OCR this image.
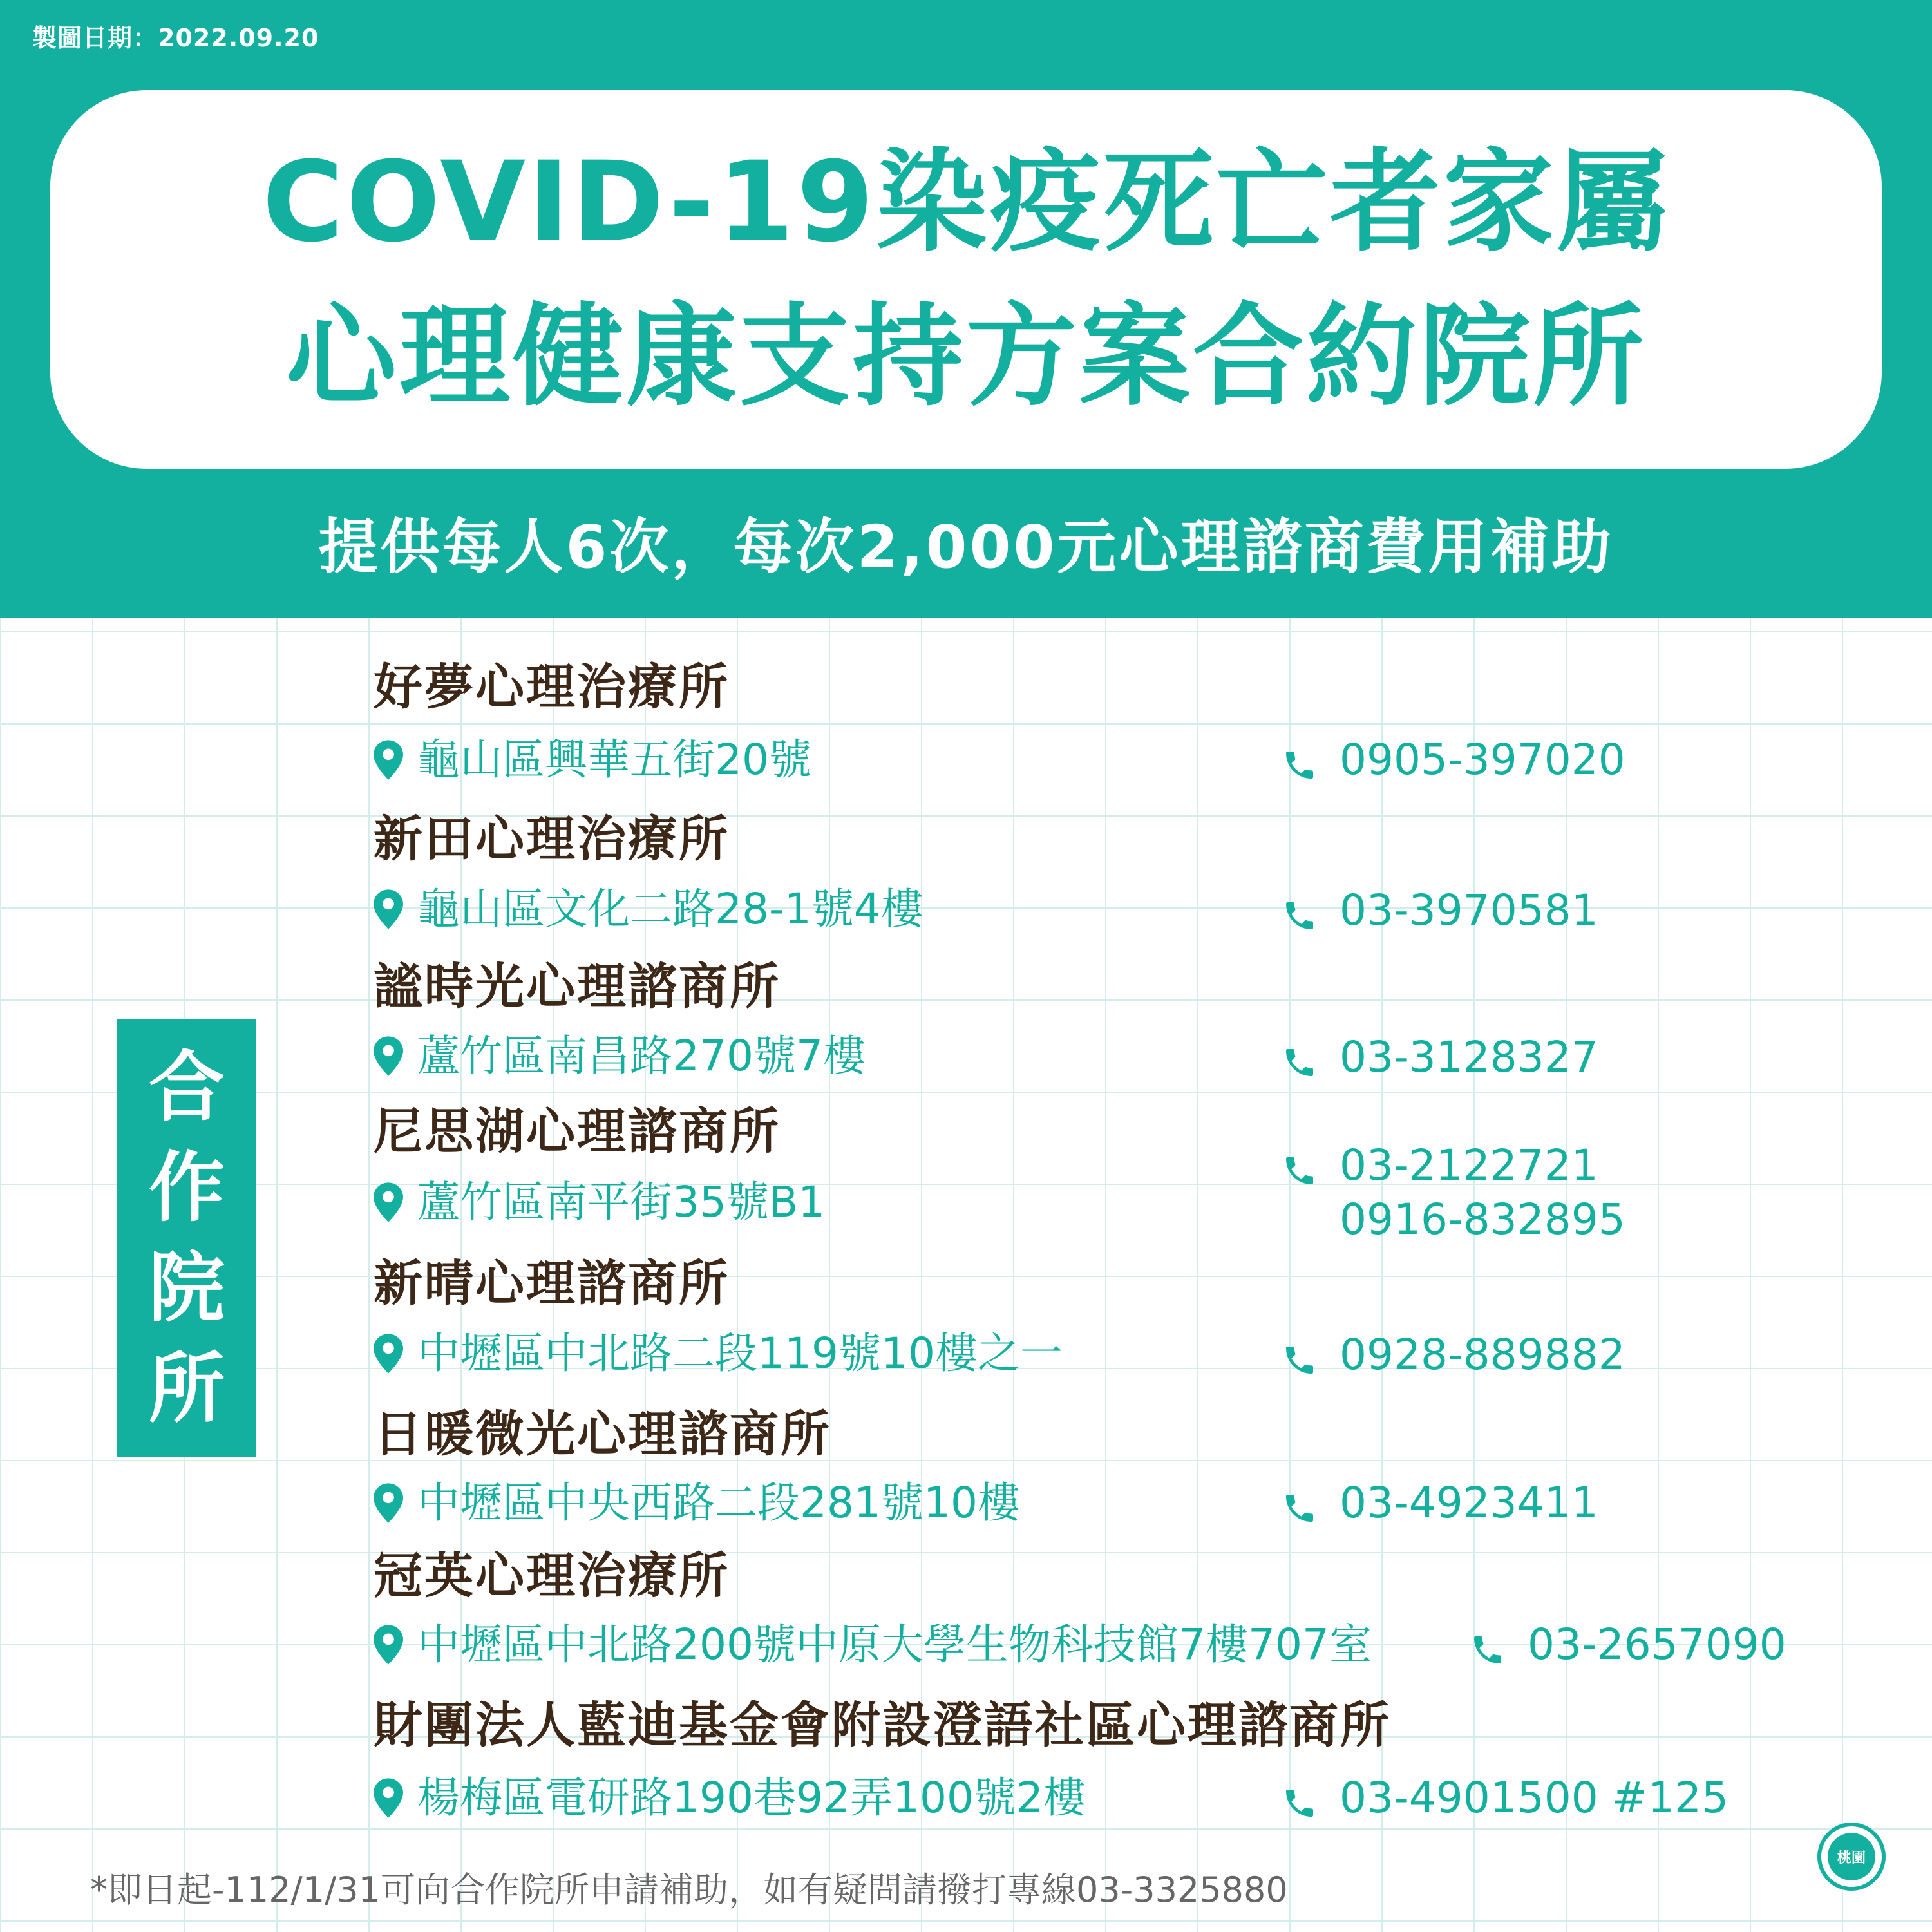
製圖日期：2022.09.20
COVID-19染疫死亡者家屬
心理健康支持方案合約院所
提供每人6次，每次2,000元心理諮商費用補助
合
作
院
所
好夢心理治療所
龜山區興華五街20號	0905-397020
新田心理治療所
龜山區文化二路28-1號4樓	03-3970581
謐時光心理諮商所
蘆竹區南昌路270號7樓	03-3128327
尼思湖心理諮商所
蘆竹區南平街35號B1
03-2122721
0916-832895
新晴心理諮商所
中壢區中北路二段119號10樓之一	0928-889882
日暖微光心理諮商所
中壢區中央西路二段281號10樓	03-4923411
冠英心理治療所
中壢區中北路200號中原大學生物科技館7樓707室	03-2657090
財團法人藍迪基金會附設澄語社區心理諮商所
楊梅區電研路190巷92弄100號2樓	03-4901500 #125
*即日起-112/1/31可向合作院所申請補助，如有疑問請撥打專線03-3325880
桃園
